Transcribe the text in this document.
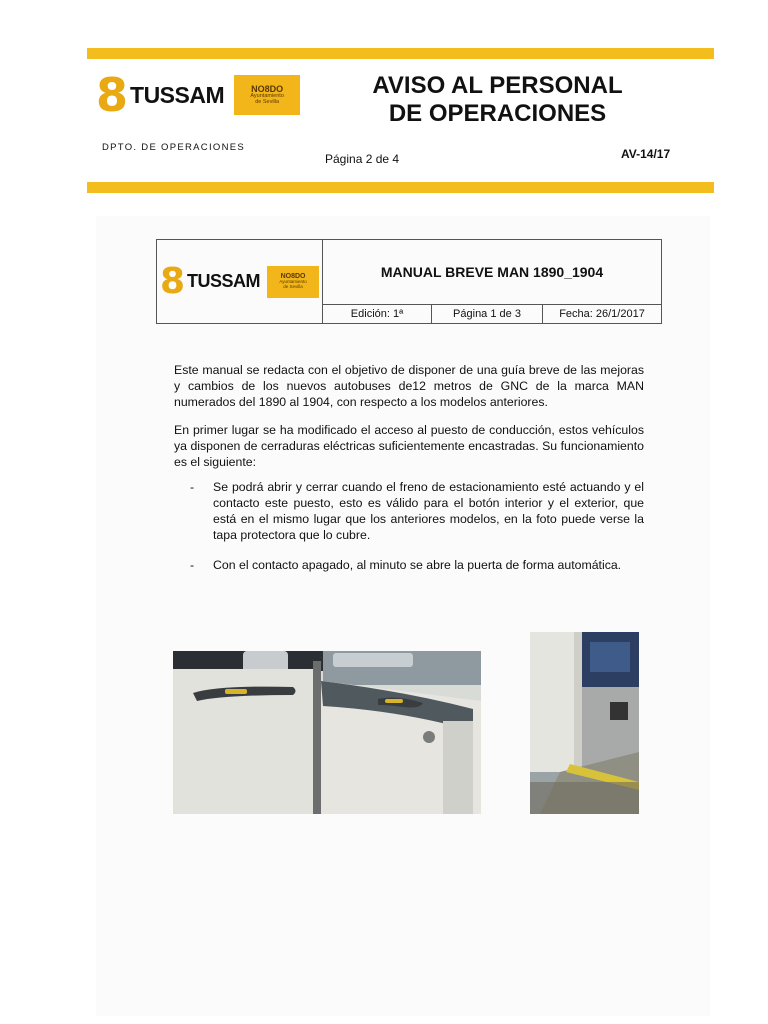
8 TUSSAM	NO8DO
Ayuntamiento
de Sevilla
AVISO AL PERSONAL
DE OPERACIONES
DPTO. DE OPERACIONES
Página 2 de 4	AV-14/17
8 TUSSAM NO8DO
Ayuntamiento
de Sevilla	MANUAL BREVE MAN 1890_1904		
	Edición: 1ª	Página 1 de 3	Fecha: 26/1/2017

Este manual se redacta con el objetivo de disponer de una guía breve de las mejoras y cambios de los nuevos autobuses de12 metros de GNC de la marca MAN numerados del 1890 al 1904, con respecto a los modelos anteriores.

En primer lugar se ha modificado el acceso al puesto de conducción, estos vehículos ya disponen de cerraduras eléctricas suficientemente encastradas. Su funcionamiento es el siguiente:

-	Se podrá abrir y cerrar cuando el freno de estacionamiento esté actuando y el contacto este puesto, esto es válido para el botón interior y el exterior, que está en el mismo lugar que los anteriores modelos, en la foto puede verse la tapa protectora que lo cubre.
-	Con el contacto apagado, al minuto se abre la puerta de forma automática.
